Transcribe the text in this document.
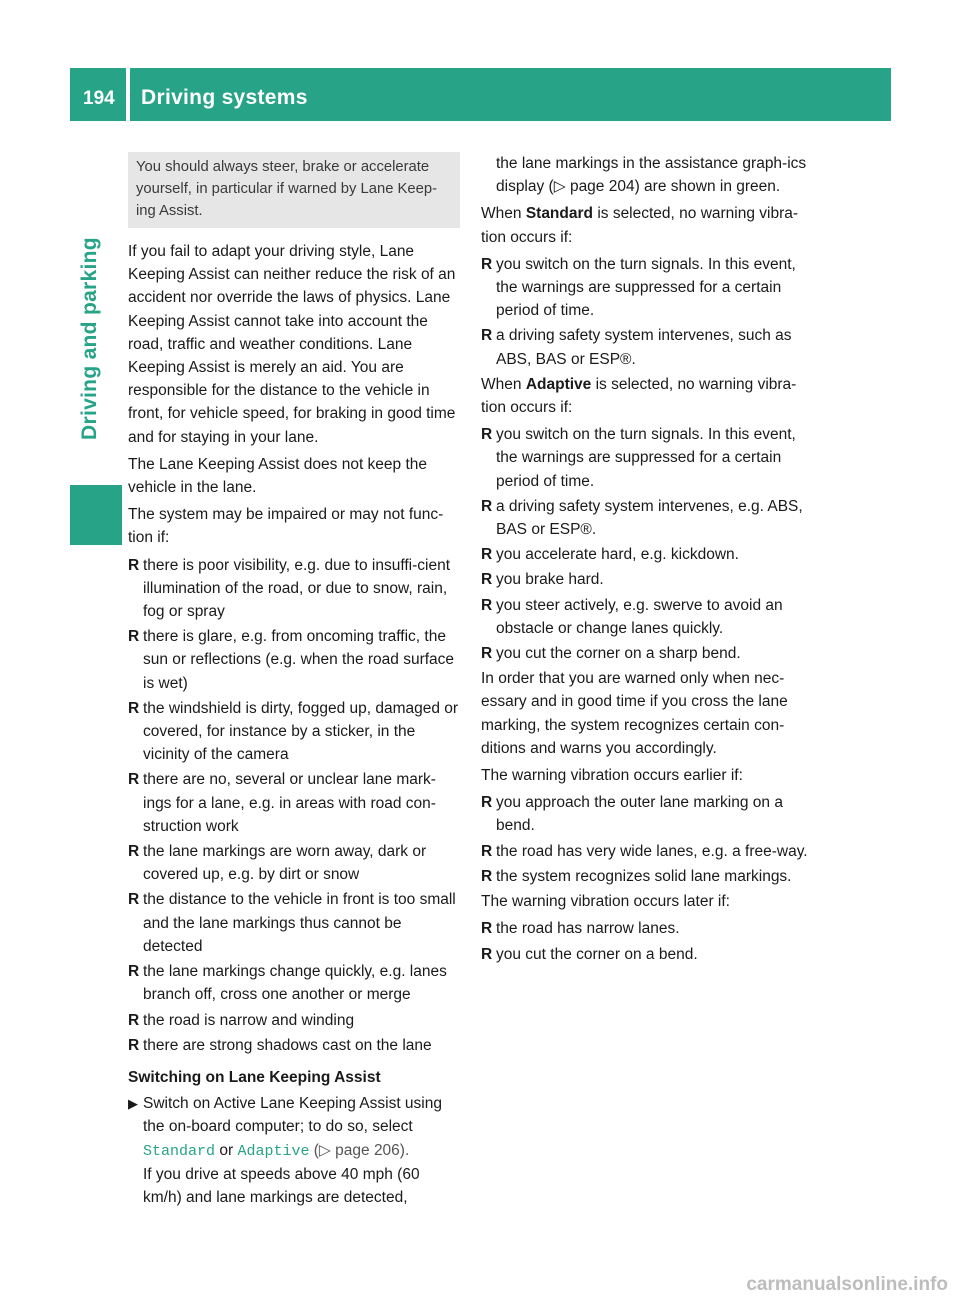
194	Driving systems
Driving and parking
You should always steer, brake or accelerate yourself, in particular if warned by Lane Keep-ing Assist.

If you fail to adapt your driving style, Lane Keeping Assist can neither reduce the risk of an accident nor override the laws of physics. Lane Keeping Assist cannot take into account the road, traffic and weather conditions. Lane Keeping Assist is merely an aid. You are responsible for the distance to the vehicle in front, for vehicle speed, for braking in good time and for staying in your lane.

The Lane Keeping Assist does not keep the vehicle in the lane.

The system may be impaired or may not func-tion if:

R there is poor visibility, e.g. due to insuffi-cient illumination of the road, or due to snow, rain, fog or spray
R there is glare, e.g. from oncoming traffic, the sun or reflections (e.g. when the road surface is wet)
R the windshield is dirty, fogged up, damaged or covered, for instance by a sticker, in the vicinity of the camera
R there are no, several or unclear lane mark-ings for a lane, e.g. in areas with road con-struction work
R the lane markings are worn away, dark or covered up, e.g. by dirt or snow
R the distance to the vehicle in front is too small and the lane markings thus cannot be detected
R the lane markings change quickly, e.g. lanes branch off, cross one another or merge
R the road is narrow and winding
R there are strong shadows cast on the lane
Switching on Lane Keeping Assist
▶ Switch on Active Lane Keeping Assist using the on-board computer; to do so, select Standard or Adaptive (▷ page 206).
If you drive at speeds above 40 mph (60 km/h) and lane markings are detected,

the lane markings in the assistance graph-ics display (▷ page 204) are shown in green.

When Standard is selected, no warning vibra-tion occurs if:

R you switch on the turn signals. In this event, the warnings are suppressed for a certain period of time.
R a driving safety system intervenes, such as ABS, BAS or ESP®.

When Adaptive is selected, no warning vibra-tion occurs if:

R you switch on the turn signals. In this event, the warnings are suppressed for a certain period of time.
R a driving safety system intervenes, e.g. ABS, BAS or ESP®.
R you accelerate hard, e.g. kickdown.
R you brake hard.
R you steer actively, e.g. swerve to avoid an obstacle or change lanes quickly.
R you cut the corner on a sharp bend.

In order that you are warned only when nec-essary and in good time if you cross the lane marking, the system recognizes certain con-ditions and warns you accordingly.

The warning vibration occurs earlier if:

R you approach the outer lane marking on a bend.
R the road has very wide lanes, e.g. a free-way.
R the system recognizes solid lane markings.

The warning vibration occurs later if:

R the road has narrow lanes.
R you cut the corner on a bend.
carmanualsonline.info
